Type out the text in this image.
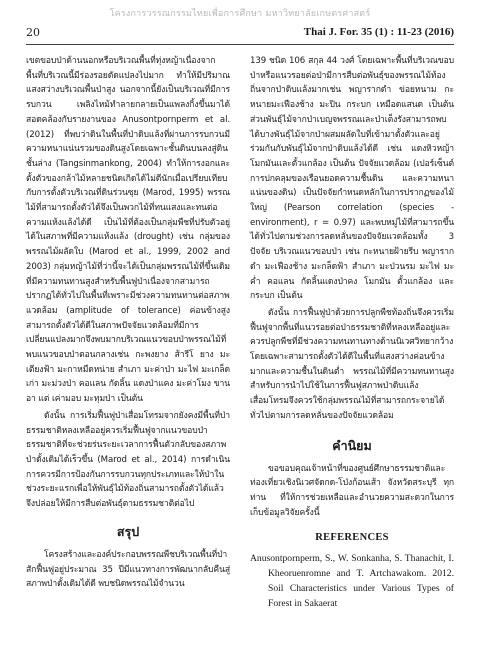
โครงการวรรณกรรมไทยเพื่อการศึกษา มหาวิทยาลัยเกษตรศาสตร์
20	Thai J. For. 35 (1) : 11-23 (2016)

เขตขอบป่าด้านนอกหรือบริเวณพื้นที่ทุ่งหญ้าเนื่องจากพื้นที่บริเวณนี้มีร่องรอยดัดแปลงไปมาก ทำให้มีปริมาณแสงสว่างบริเวณพื้นป่าสูง นอกจากนี้ยังเป็นบริเวณที่มีการรบกวน เพลิงไหม้ทำลายกลายเป็นแพลงกิ้งขึ้นมาได้ สอดคล้องกับรายงานของ Anusontpornperm et al. (2012) ที่พบว่าดินในพื้นที่ป่าดิบแล้งที่ผ่านการรบกวนมีความหนาแน่นรวมของดินสูงโดยเฉพาะชั้นดินบนลงสู่ดินชั้นล่าง (Tangsinmankong, 2004) ทำให้การงอกและตั้งตัวของกล้าไม้หลายชนิดเกิดได้ไม่ดีนักเมื่อเปรียบเทียบกับการตั้งตัวบริเวณที่ดินร่วนซุย (Marod, 1995) พรรณไม้ที่สามารถตั้งตัวได้จึงเป็นพวกไม้ที่ทนแสงและทนต่อความแห้งแล้งได้ดี เป็นไม้ที่ต้องเป็นกลุ่มพืชที่ปรับตัวอยู่ได้ในสภาพที่มีความแห้งแล้ง (drought) เช่น กลุ่มของพรรณไม้ผลัดใบ (Marod et al., 1999, 2002 and 2003) กลุ่มหญ้าไม้ที่ว่านี้จะได้เป็นกลุ่มพรรณไม้ที่ขึ้นเดิมที่มีความทนทานสูงสำหรับพื้นฟูป่าเนื่องจากสามารถปรากฏได้ทั่วไปในพื้นที่เพราะมีช่วงความทนทานต่อสภาพแวดล้อม (amplitude of tolerance) ค่อนข้างสูง สามารถตั้งตัวได้ดีในสภาพปัจจัยแวดล้อมที่มีการเปลี่ยนแปลงมากจึงพบมากบริเวณแนวขอบป่าพรรณไม้ที่พบแนวขอบป่าตอนกลางเช่น กะพงยาง ส้ารีโ ยาง มะเตียงฟ้า มะกาหมืดหน่าย สำเภา มะค่าป่า มะไฟ มะเกล็ดเก่า มะม่วงป่า คอแลน กัดลิ้น แดงป่าแคง มะค่าโมง ขานอา แต่ เค่ามอบ มะทุมป่า เป็นต้น

ดังนั้น การเริ่มฟื้นฟูป่าเสื่อมโทรมจากยังคงมีพื้นที่ป่าธรรมชาติหลงเหลืออยู่ควรเริ่มฟื้นฟูจากแนวขอบป่าธรรมชาติที่จะช่วยร่นระยะเวลาการฟื้นตัวกลับของสภาพป่าดั้งเดิมได้เร็วขึ้น (Marod et al., 2014) การดำเนินการควรมีการป้องกันการรบกวนทุกประเภทและให้ป่าในช่วงระยะแรกเพื่อให้พันธุ์ไม้ท้องถิ่นสามารถตั้งตัวได้แล้วจึงปล่อยให้มีการสืบต่อพันธุ์ตามธรรมชาติต่อไป

สรุป

โครงสร้างและองค์ประกอบพรรณพืชบริเวณพื้นที่ป่าสักฟื้นฟูอยู่ประมาณ 35 ปีมีแนวทางการพัฒนากลับคืนสู่สภาพป่าดั้งเดิมได้ดี พบชนิดพรรณไม้จำนวน

139 ชนิด 106 สกุล 44 วงศ์ โดยเฉพาะพื้นที่บริเวณขอบป่าหรือแนวรอยต่อป่ามีการสืบต่อพันธุ์ของพรรณไม้ท้องถิ่นจากป่าดิบแล้งมากเช่น พญารากดำ ข่อยหนาม กะหนายมะเฟืองช้าง มะปิน กระบก เหมือดแสนด เป็นต้น ส่วนพันธุ์ไม้จากป่าเบญจพรรณและป่าเต็งรังสามารถพบได้บางพันธุ์ไม้จากป่าผสมผลัดใบที่เข้ามาตั้งตัวและอยู่ร่วมกันกับพันธุ์ไม้จากป่าดิบแล้งได้ดี เช่น แดงหิวหญ้า โมกมันและตั้วแกล้อง เป็นต้น ปัจจัยแวดล้อม (เปอร์เซ็นต์การปกคลุมของเรือนยอดความชื้นดิน และความหนาแน่นของดิน) เป็นปัจจัยกำหนดหลักในการปรากฏของไม้ใหญ่ (Pearson correlation (species - environment), r = 0.97) และพบหมู่ไม้ที่สามารถขึ้นได้ทั่วไปตามช่วงการลดหลั่นของปัจจัยแวดล้อมทั้ง 3 ปัจจัย บริเวณแนวขอบป่า เช่น กะหนายฝ้ายรีบ พญารากดำ มะเฟืองช้าง มะกล็ดฟ้า สำเภา มะป่วนรม มะไฟ มะค่ำ คอแลน กัดลิ้นแดงป่าคง โมกมัน ตั้วแกล้อง และกระบก เป็นต้น

ดังนั้น การฟื้นฟูป่าด้วยการปลูกพืชท้องถิ่นจึงควรเริ่มฟื้นฟูจากพื้นที่แนวรอยต่อป่าธรรมชาติที่หลงเหลืออยู่และควรปลูกพืชที่มีช่วงความทนทานทางด้านนิเวศวิทยากว้าง โดยเฉพาะสามารถตั้งตัวได้ดีในพื้นที่แสงสว่างค่อนข้างมากและความชื้นในดินต่ำ พรรณไม้ที่มีความทนทานสูงสำหรับการนำไปใช้ในการฟื้นฟูสภาพป่าดิบแล้งเสื่อมโทรมจึงควรใช้กลุ่มพรรณไม้ที่สามารถกระจายได้ทั่วไปตามการลดหลั่นของปัจจัยแวดล้อม

คำนิยม

ขอขอบคุณเจ้าหน้าที่ของศูนย์ศึกษาธรรมชาติและท่องเที่ยวเชิงนิเวศจัดกด-โป่งก้อนเส้า จังหวัดสระบุรี ทุกท่าน ที่ให้การช่วยเหลือและอำนวยความสะดวกในการเก็บข้อมูลวิจัยครั้งนี้

REFERENCES

Anusontpornperm, S., W. Sonkanha, S. Thanachit, I. Kheoruenromne and T. Artchawakom. 2012. Soil Characteristics under Various Types of Forest in Sakaerat
